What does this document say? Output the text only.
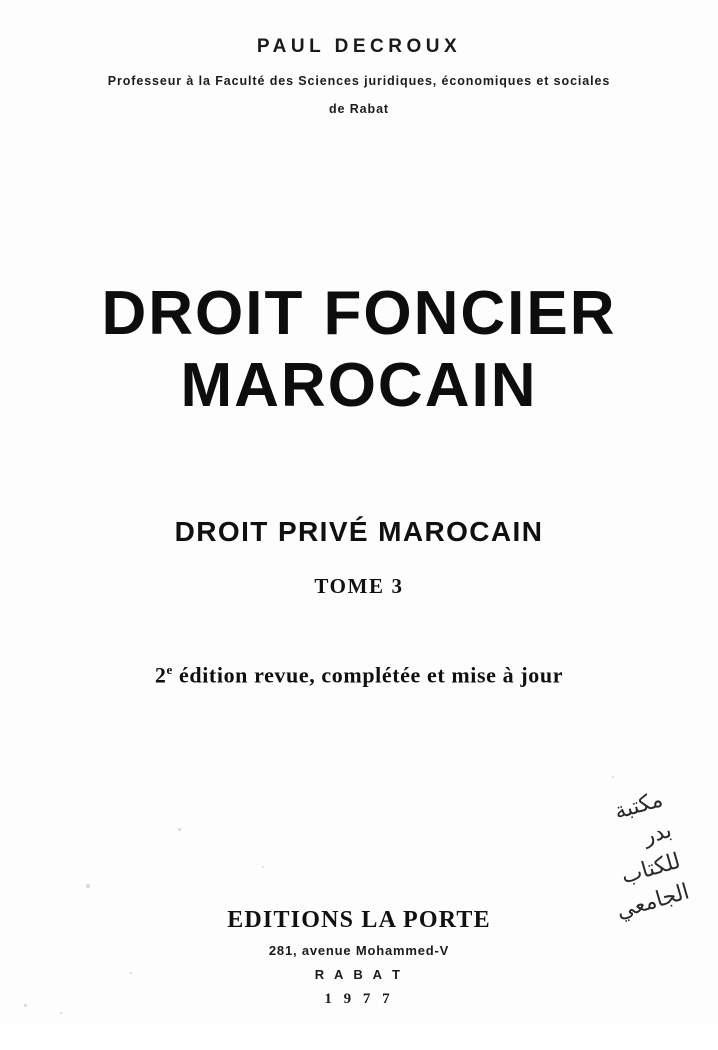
PAUL DECROUX
Professeur à la Faculté des Sciences juridiques, économiques et sociales
de Rabat
DROIT FONCIER
MAROCAIN
DROIT PRIVÉ MAROCAIN
TOME 3
2e édition revue, complétée et mise à jour
EDITIONS LA PORTE
281, avenue Mohammed-V
R A B A T
1 9 7 7
مكتبة
بدر
للكتاب
الجامعي
